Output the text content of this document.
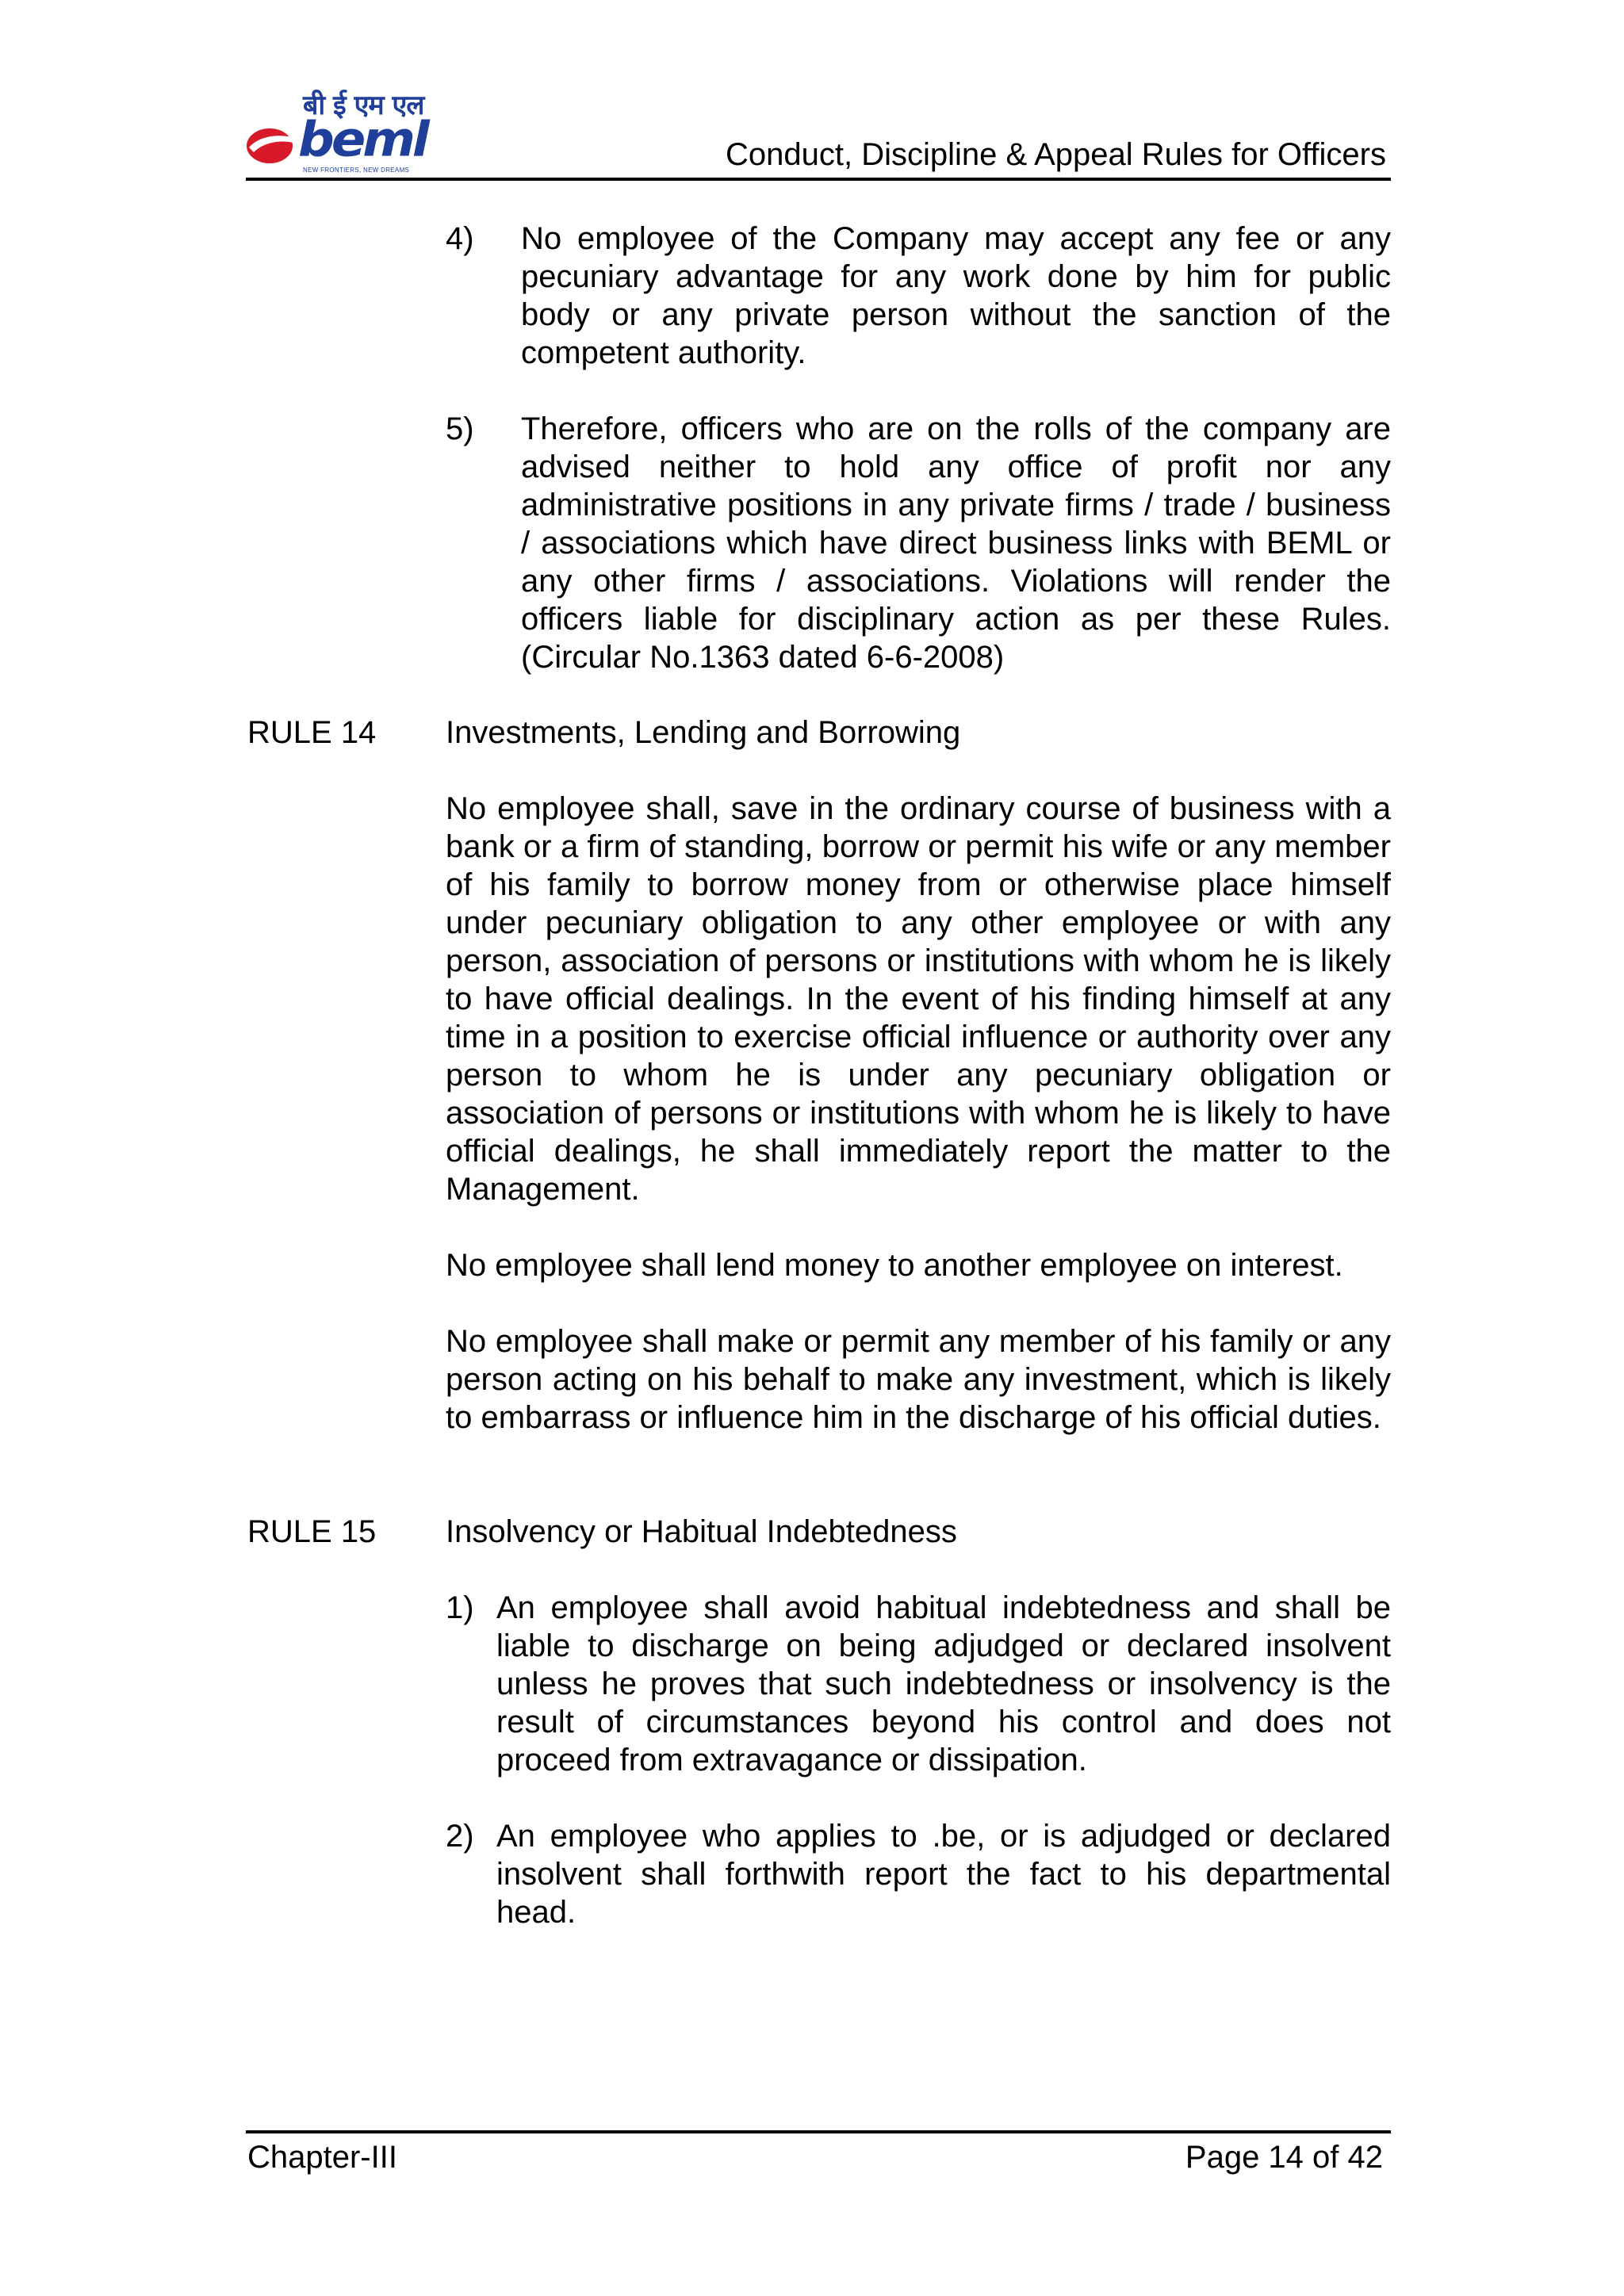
बी ई एम एल
beml
NEW FRONTIERS, NEW DREAMS	Conduct, Discipline & Appeal Rules for Officers
4) No employee of the Company may accept any fee or any pecuniary advantage for any work done by him for public body or any private person without the sanction of the competent authority.

5) Therefore, officers who are on the rolls of the company are advised neither to hold any office of profit nor any administrative positions in any private firms / trade / business / associations which have direct business links with BEML or any other firms / associations. Violations will render the officers liable for disciplinary action as per these Rules. (Circular No.1363 dated 6-6-2008)

RULE 14 Investments, Lending and Borrowing

No employee shall, save in the ordinary course of business with a bank or a firm of standing, borrow or permit his wife or any member of his family to borrow money from or otherwise place himself under pecuniary obligation to any other employee or with any person, association of persons or institutions with whom he is likely to have official dealings. In the event of his finding himself at any time in a position to exercise official influence or authority over any person to whom he is under any pecuniary obligation or association of persons or institutions with whom he is likely to have official dealings, he shall immediately report the matter to the Management.

No employee shall lend money to another employee on interest.

No employee shall make or permit any member of his family or any person acting on his behalf to make any investment, which is likely to embarrass or influence him in the discharge of his official duties.

RULE 15 Insolvency or Habitual Indebtedness
1) An employee shall avoid habitual indebtedness and shall be liable to discharge on being adjudged or declared insolvent unless he proves that such indebtedness or insolvency is the result of circumstances beyond his control and does not proceed from extravagance or dissipation.

2) An employee who applies to .be, or is adjudged or declared insolvent shall forthwith report the fact to his departmental head.

Chapter-III	Page 14 of 42
